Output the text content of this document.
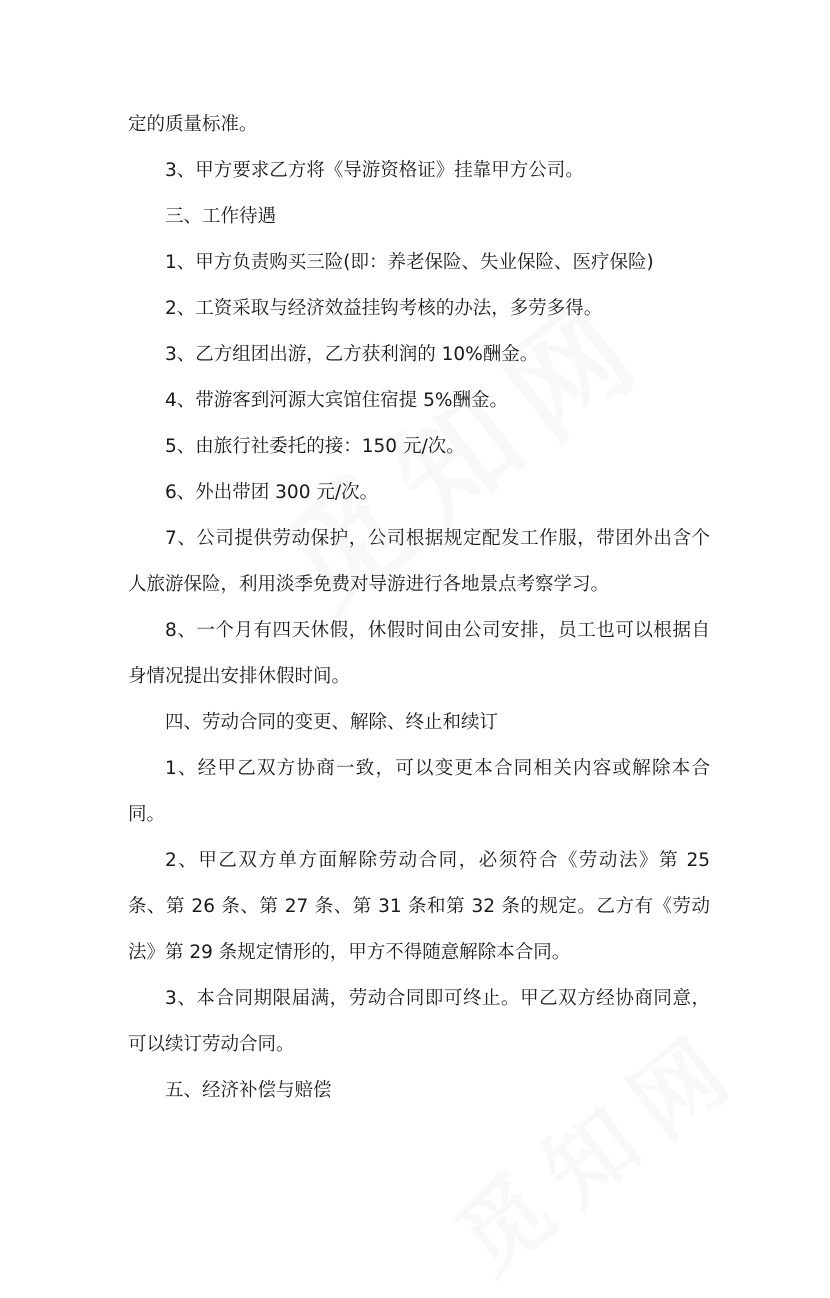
定的质量标准。

3、甲方要求乙方将《导游资格证》挂靠甲方公司。

三、工作待遇

1、甲方负责购买三险(即：养老保险、失业保险、医疗保险)

2、工资采取与经济效益挂钩考核的办法，多劳多得。

3、乙方组团出游，乙方获利润的 10%酬金。

4、带游客到河源大宾馆住宿提 5%酬金。

5、由旅行社委托的接：150 元/次。

6、外出带团 300 元/次。

7、公司提供劳动保护，公司根据规定配发工作服，带团外出含个人旅游保险，利用淡季免费对导游进行各地景点考察学习。

8、一个月有四天休假，休假时间由公司安排，员工也可以根据自身情况提出安排休假时间。

四、劳动合同的变更、解除、终止和续订

1、经甲乙双方协商一致，可以变更本合同相关内容或解除本合同。

2、甲乙双方单方面解除劳动合同，必须符合《劳动法》第 25 条、第 26 条、第 27 条、第 31 条和第 32 条的规定。乙方有《劳动法》第 29 条规定情形的，甲方不得随意解除本合同。

3、本合同期限届满，劳动合同即可终止。甲乙双方经协商同意，可以续订劳动合同。

五、经济补偿与赔偿
